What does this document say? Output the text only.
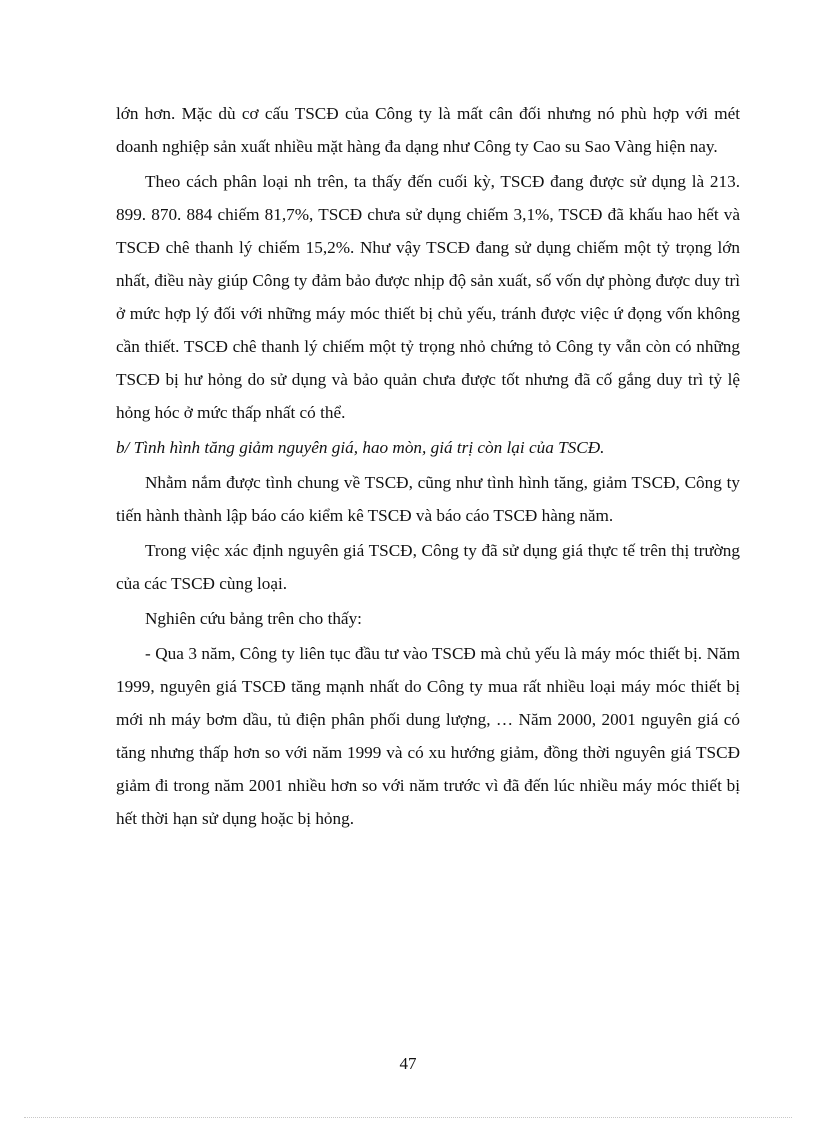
lớn hơn. Mặc dù cơ cấu TSCĐ của Công ty là mất cân đối nhưng nó phù hợp với mét doanh nghiệp sản xuất nhiều mặt hàng đa dạng như Công ty Cao su Sao Vàng hiện nay.

Theo cách phân loại nh trên, ta thấy đến cuối kỳ, TSCĐ đang được sử dụng là 213. 899. 870. 884 chiếm 81,7%, TSCĐ chưa sử dụng chiếm 3,1%, TSCĐ đã khấu hao hết và TSCĐ chê thanh lý chiếm 15,2%. Như vậy TSCĐ đang sử dụng chiếm một tỷ trọng lớn nhất, điều này giúp Công ty đảm bảo được nhịp độ sản xuất, số vốn dự phòng được duy trì ở mức hợp lý đối với những máy móc thiết bị chủ yếu, tránh được việc ứ đọng vốn không cần thiết. TSCĐ chê thanh lý chiếm một tỷ trọng nhỏ chứng tỏ Công ty vẫn còn có những TSCĐ bị hư hỏng do sử dụng và bảo quản chưa được tốt nhưng đã cố gắng duy trì tỷ lệ hỏng hóc ở mức thấp nhất có thể.

b/ Tình hình tăng giảm nguyên giá, hao mòn, giá trị còn lại của TSCĐ.

Nhằm nắm được tình chung về TSCĐ, cũng như tình hình tăng, giảm TSCĐ, Công ty tiến hành thành lập báo cáo kiểm kê TSCĐ và báo cáo TSCĐ hàng năm.

Trong việc xác định nguyên giá TSCĐ, Công ty đã sử dụng giá thực tế trên thị trường của các TSCĐ cùng loại.

Nghiên cứu bảng trên cho thấy:

- Qua 3 năm, Công ty liên tục đầu tư vào TSCĐ mà chủ yếu là máy móc thiết bị. Năm 1999, nguyên giá TSCĐ tăng mạnh nhất do Công ty mua rất nhiều loại máy móc thiết bị mới nh máy bơm dầu, tủ điện phân phối dung lượng, … Năm 2000, 2001 nguyên giá có tăng nhưng thấp hơn so với năm 1999 và có xu hướng giảm, đồng thời nguyên giá TSCĐ giảm đi trong năm 2001 nhiều hơn so với năm trước vì đã đến lúc nhiều máy móc thiết bị hết thời hạn sử dụng hoặc bị hỏng.

47
